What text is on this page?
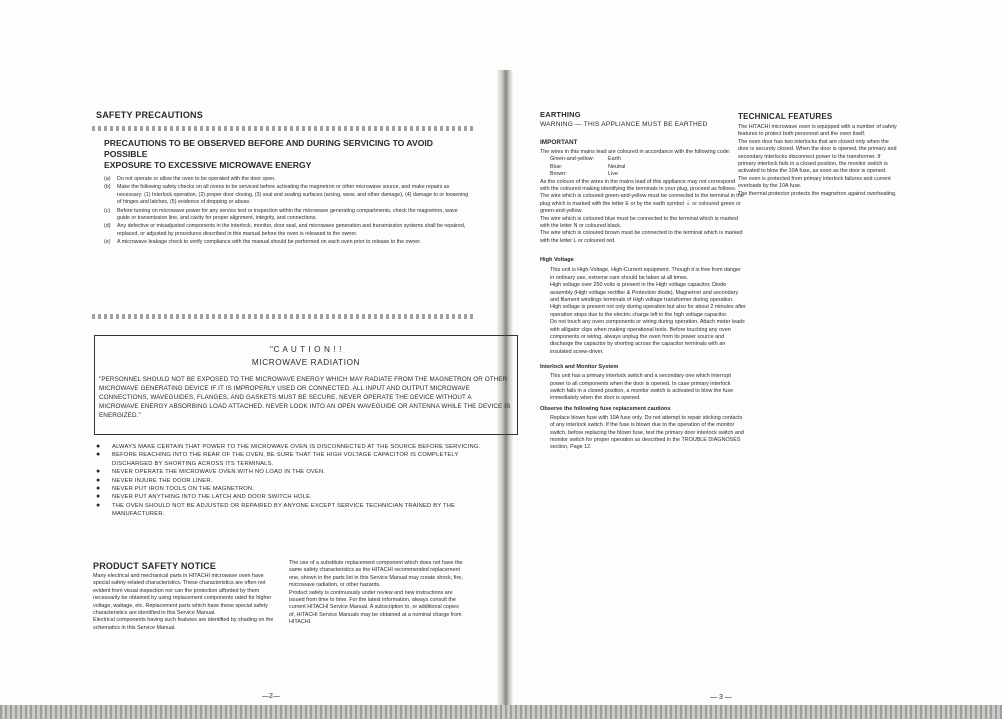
SAFETY PRECAUTIONS
PRECAUTIONS TO BE OBSERVED BEFORE AND DURING SERVICING TO AVOID POSSIBLE
EXPOSURE TO EXCESSIVE MICROWAVE ENERGY
(a)	Do not operate or allow the oven to be operated with the door open.
(b)	Make the following safety checks on all ovens to be serviced before activating the magnetron or other microwave source, and make repairs as necessary: (1) Interlock operation, (2) proper door closing, (3) seal and sealing surfaces (arcing, wear, and other damage), (4) damage to or loosening of hinges and latches, (5) evidence of dropping or abuse.
(c)	Before turning on microwave power for any service test or inspection within the microwave generating compartments, check the magnetron, wave guide or transmission line, and cavity for proper alignment, integrity, and connections.
(d)	Any defective or misadjusted components in the interlock, monitor, door seal, and microwave generation and transmission systems shall be repaired, replaced, or adjusted by procedures described in this manual before the oven is released to the owner.
(e)	A microwave leakage check to verify compliance with the manual should be performed on each oven prior to release to the owner.
"C A U T I O N ! !
MICROWAVE RADIATION
"PERSONNEL SHOULD NOT BE EXPOSED TO THE MICROWAVE ENERGY WHICH MAY RADIATE FROM THE MAGNETRON OR OTHER MICROWAVE GENERATING DEVICE IF IT IS IMPROPERLY USED OR CONNECTED. ALL INPUT AND OUTPUT MICROWAVE CONNECTIONS, WAVEGUIDES, FLANGES, AND GASKETS MUST BE SECURE. NEVER OPERATE THE DEVICE WITHOUT A MICROWAVE ENERGY ABSORBING LOAD ATTACHED. NEVER LOOK INTO AN OPEN WAVEGUIDE OR ANTENNA WHILE THE DEVICE IS ENERGIZED."
●	ALWAYS MAKE CERTAIN THAT POWER TO THE MICROWAVE OVEN IS DISCONNECTED AT THE SOURCE BEFORE SERVICING.
●	BEFORE REACHING INTO THE REAR OF THE OVEN, BE SURE THAT THE HIGH VOLTAGE CAPACITOR IS COMPLETELY DISCHARGED BY SHORTING ACROSS ITS TERMINALS.
●	NEVER OPERATE THE MICROWAVE OVEN WITH NO LOAD IN THE OVEN.
●	NEVER INJURE THE DOOR LINER.
●	NEVER PUT IRON TOOLS ON THE MAGNETRON.
●	NEVER PUT ANYTHING INTO THE LATCH AND DOOR SWITCH HOLE.
●	THE OVEN SHOULD NOT BE ADJUSTED OR REPAIRED BY ANYONE EXCEPT SERVICE TECHNICIAN TRAINED BY THE MANUFACTURER.
PRODUCT SAFETY NOTICE
Many electrical and mechanical parts in HITACHI microwave oven have special safety-related characteristics. These characteristics are often not evident from visual inspection nor can the protection afforded by them necessarily be obtained by using replacement components rated for higher voltage, wattage, etc. Replacement parts which have these special safety characteristics are identified in this Service Manual.
Electrical components having such features are identified by shading on the schematics in this Service Manual.
The use of a substitute replacement component which does not have the same safety characteristics as the HITACHI recommended replacement one, shown in the parts list in this Service Manual may create shock, fire, microwave radiation, or other hazards.
Product safety is continuously under review and new instructions are issued from time to time. For the latest information, always consult the current HITACHI Service Manual. A subscription to, or additional copies of, HITACHI Service Manuals may be obtained at a nominal charge from HITACHI.
—2—
EARTHING
WARNING — THIS APPLIANCE MUST BE EARTHED
IMPORTANT
The wires in this mains lead are coloured in accordance with the following code:
Green-and-yellow:	Earth
Blue:	Neutral
Brown:	Live
As the colours of the wires in the mains lead of this appliance may not correspond with the coloured making identifying the terminals in your plug, proceed as follows.
The wire which is coloured green-and-yellow must be connected to the terminal in the plug which is marked with the letter E or by the earth symbol ⏚ or coloured green or green-and-yellow.
The wire which is coloured blue must be connected to the terminal which is marked with the letter N or coloured black.
The wire which is coloured brown must be connected to the terminal which is marked with the letter L or coloured red.
High Voltage
This unit is High-Voltage, High-Current equipment. Though it is free from danger in ordinary use, extreme care should be taken at all times.
High voltage over 250 volts is present in the High voltage capacitor, Diode assembly (High voltage rectifier & Protection diode), Magnetron and secondary and filament windings terminals of High voltage transformer during operation.
High voltage is present not only during operation but also for about 2 minutes after operation stops due to the electric charge left in the high voltage capacitor.
Do not touch any oven components or wiring during operation. Attach meter leads with alligator clips when making operational tests. Before touching any oven components or wiring, always unplug the oven from its power source and discharge the capacitor by shorting across the capacitor terminals with an insulated screw-driver.
Interlock and Monitor System
This unit has a primary interlock switch and a secondary one which interrupt power to all components when the door is opened. In case primary interlock switch fails in a closed position, a monitor switch is activated to blow the fuse immediately when the door is opened.
Observe the following fuse replacement cautions
Replace blown fuse with 10A fuse only. Do not attempt to repair sticking contacts of any interlock switch. If the fuse is blown due to the operation of the monitor switch, before replacing the blown fuse, test the primary door interlock switch and monitor switch for proper operation as described in the TROUBLE DIAGNOSES section, Page 12.
TECHNICAL FEATURES
The HITACHI microwave oven is equipped with a number of safety features to protect both personnel and the oven itself.
The oven door has two interlocks that are closed only when the door is securely closed. When the door is opened, the primary and secondary interlocks disconnect power to the transformer. If primary interlock fails in a closed position, the monitor switch is activated to blow the 10A fuse, as soon as the door is opened.
The oven is protected from primary interlock failures and current overloads by the 10A fuse.
The thermal protector protects the magnetron against overheating.
— 3 —
